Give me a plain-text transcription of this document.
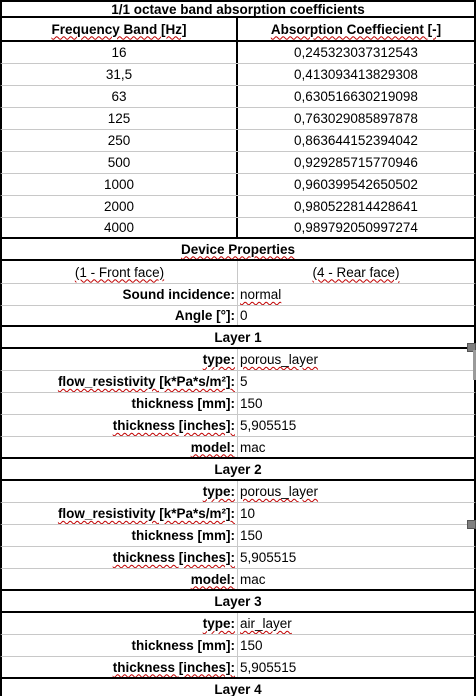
1/1 octave band absorption coefficients
Frequency Band [Hz]	Absorption Coeffiecient [-]
16	0,245323037312543
31,5	0,413093413829308
63	0,630516630219098
125	0,763029085897878
250	0,863644152394042
500	0,929285715770946
1000	0,960399542650502
2000	0,980522814428641
4000	0,989792050997274
Device Properties
(1 - Front face)	(4 - Rear face)
Sound incidence: normal
Angle [°]: 0
Layer 1
type: porous_layer
flow_resistivity [k*Pa*s/m²]: 5
thickness [mm]: 150
thickness [inches]: 5,905515
model: mac
Layer 2
type: porous_layer
flow_resistivity [k*Pa*s/m²]: 10
thickness [mm]: 150
thickness [inches]: 5,905515
model: mac
Layer 3
type: air_layer
thickness [mm]: 150
thickness [inches]: 5,905515
Layer 4
